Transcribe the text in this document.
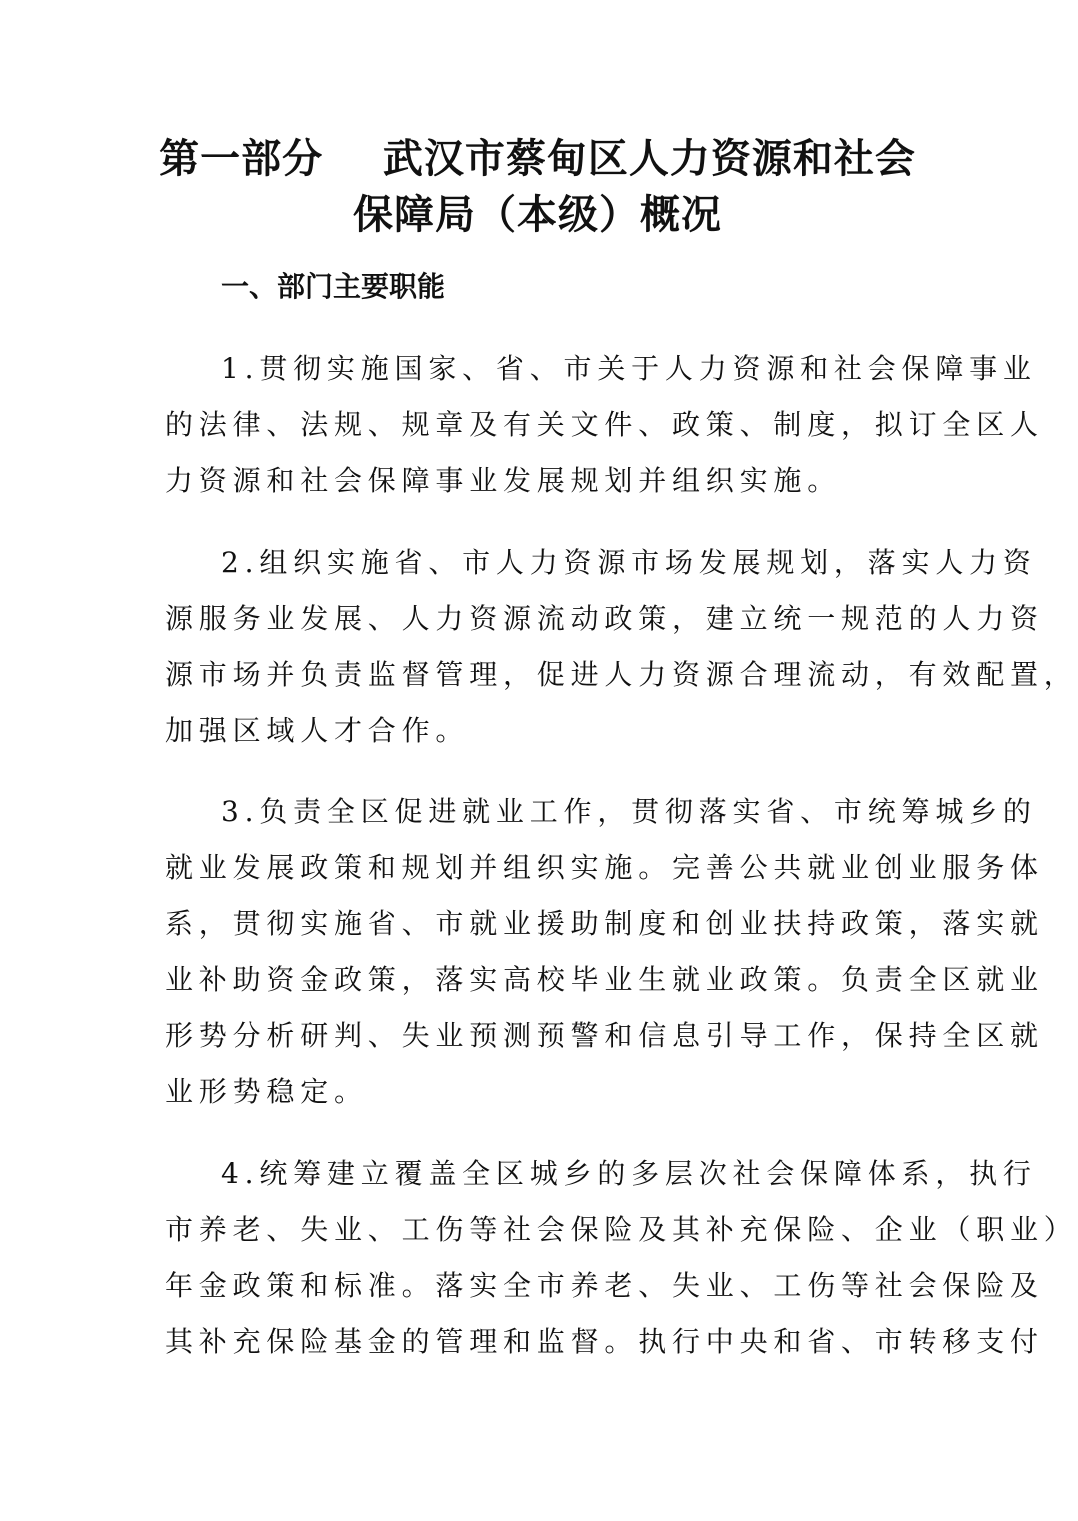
第一部分    武汉市蔡甸区人力资源和社会
保障局（本级）概况
一、部门主要职能
1.贯彻实施国家、省、市关于人力资源和社会保障事业
的法律、法规、规章及有关文件、政策、制度，拟订全区人
力资源和社会保障事业发展规划并组织实施。
2.组织实施省、市人力资源市场发展规划，落实人力资
源服务业发展、人力资源流动政策，建立统一规范的人力资
源市场并负责监督管理，促进人力资源合理流动，有效配置，
加强区域人才合作。
3.负责全区促进就业工作，贯彻落实省、市统筹城乡的
就业发展政策和规划并组织实施。完善公共就业创业服务体
系，贯彻实施省、市就业援助制度和创业扶持政策，落实就
业补助资金政策，落实高校毕业生就业政策。负责全区就业
形势分析研判、失业预测预警和信息引导工作，保持全区就
业形势稳定。
4.统筹建立覆盖全区城乡的多层次社会保障体系，执行
市养老、失业、工伤等社会保险及其补充保险、企业（职业）
年金政策和标准。落实全市养老、失业、工伤等社会保险及
其补充保险基金的管理和监督。执行中央和省、市转移支付
